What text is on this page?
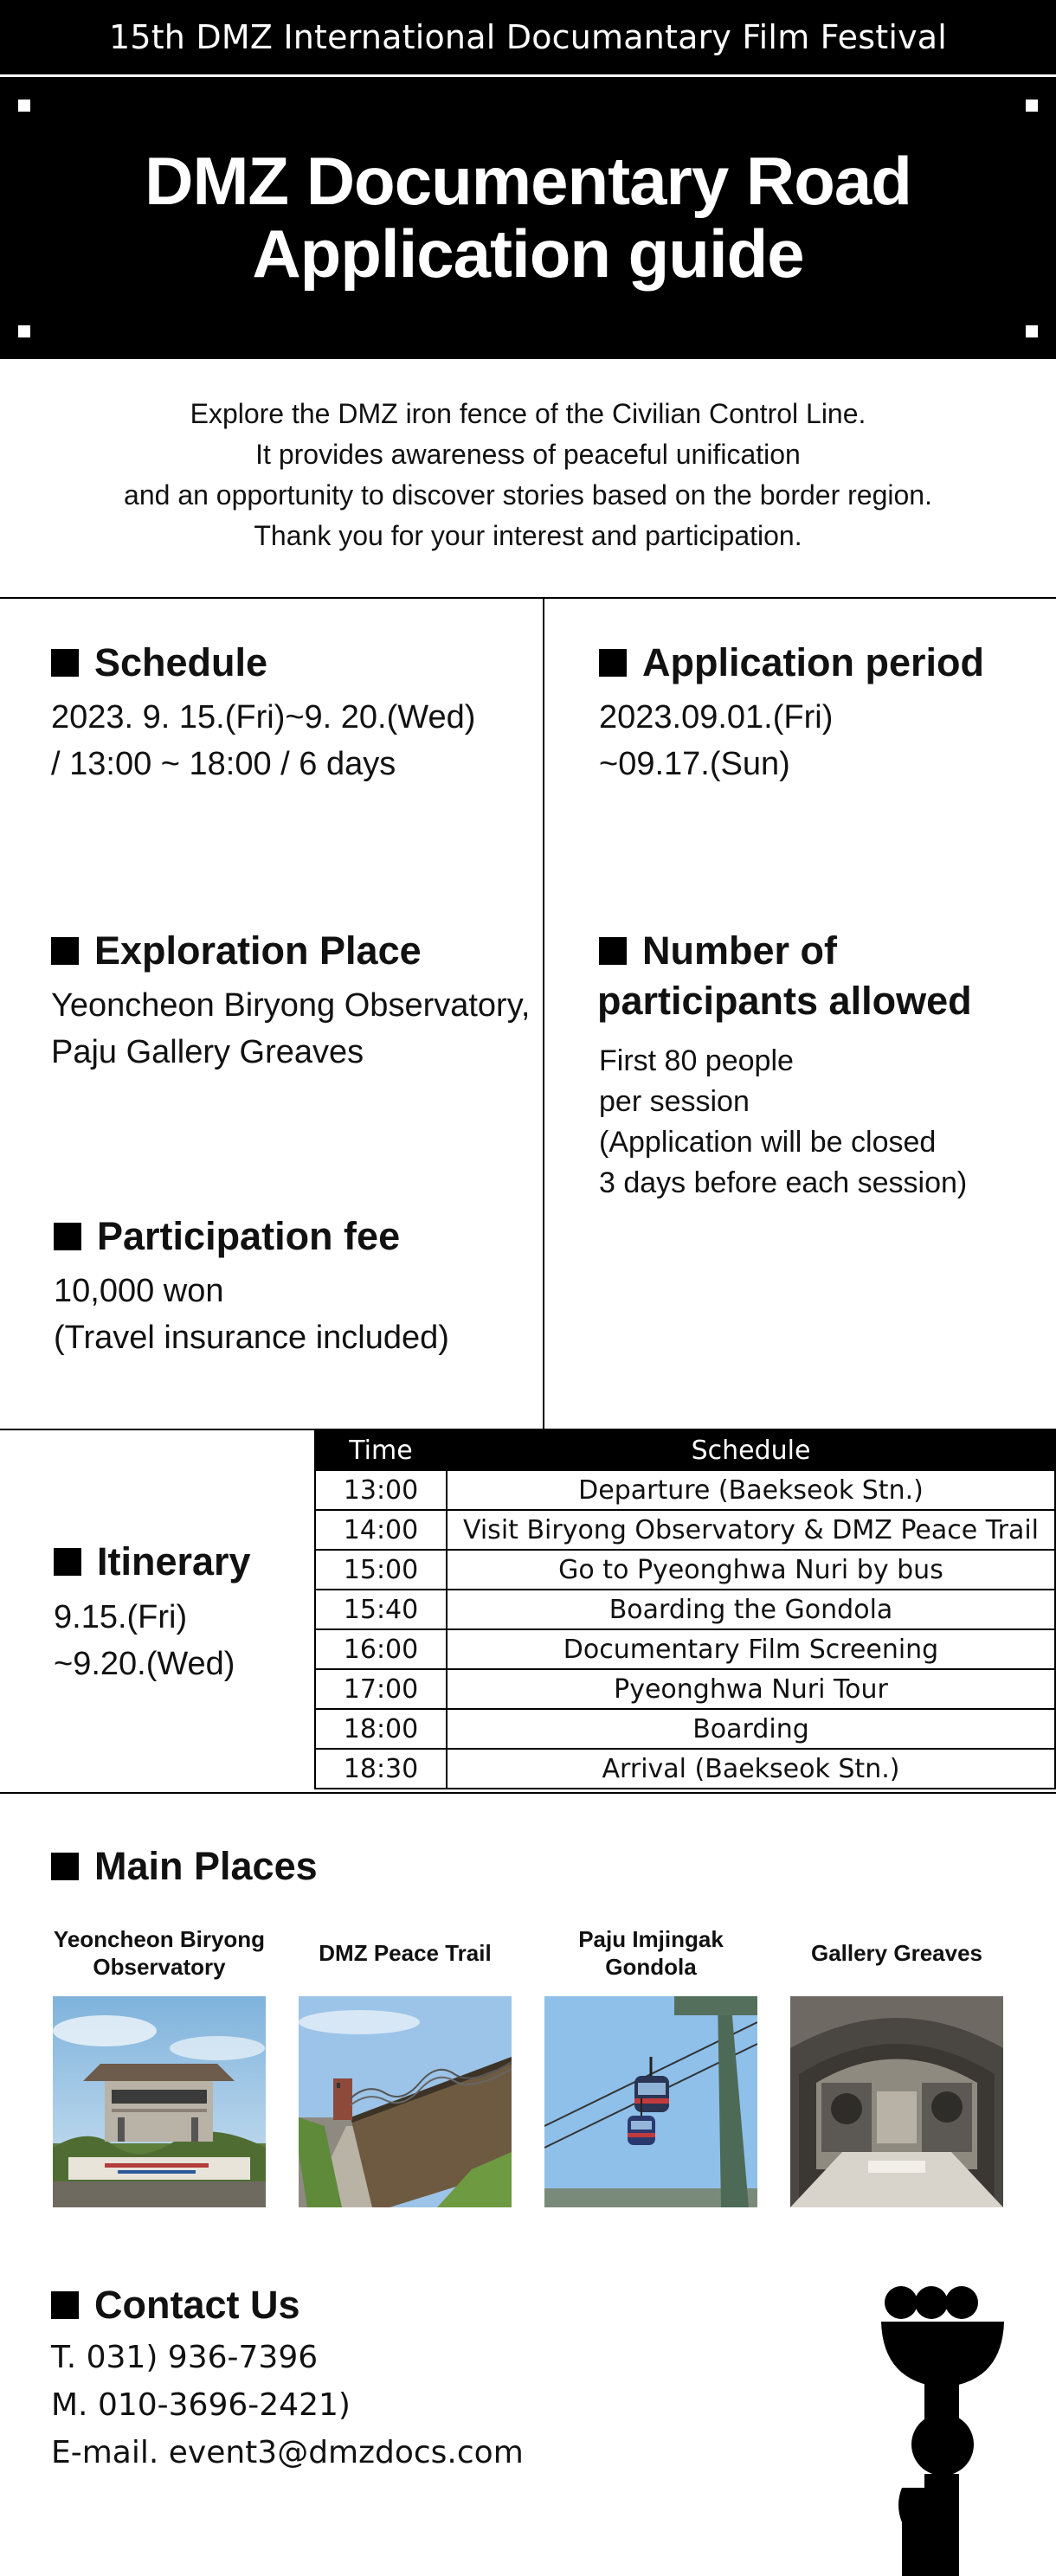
15th DMZ International Documantary Film Festival
DMZ Documentary Road
Application guide
Explore the DMZ iron fence of the Civilian Control Line.
It provides awareness of peaceful unification
and an opportunity to discover stories based on the border region.
Thank you for your interest and participation.
Schedule
2023. 9. 15.(Fri)~9. 20.(Wed)
/ 13:00 ~ 18:00 / 6 days
Application period
2023.09.01.(Fri)
~09.17.(Sun)
Exploration Place
Yeoncheon Biryong Observatory,
Paju Gallery Greaves
Number of
participants allowed
First 80 people
per session
(Application will be closed
3 days before each session)
Participation fee
10,000 won
(Travel insurance included)
Itinerary
9.15.(Fri)
~9.20.(Wed)
Time	Schedule
13:00	Departure (Baekseok Stn.)
14:00	Visit Biryong Observatory & DMZ Peace Trail
15:00	Go to Pyeonghwa Nuri by bus
15:40	Boarding the Gondola
16:00	Documentary Film Screening
17:00	Pyeonghwa Nuri Tour
18:00	Boarding
18:30	Arrival (Baekseok Stn.)
Main Places
Yeoncheon Biryong
Observatory
DMZ Peace Trail
Paju Imjingak
Gondola
Gallery Greaves
Contact Us
T. 031) 936-7396
M. 010-3696-2421)
E-mail. event3@dmzdocs.com
